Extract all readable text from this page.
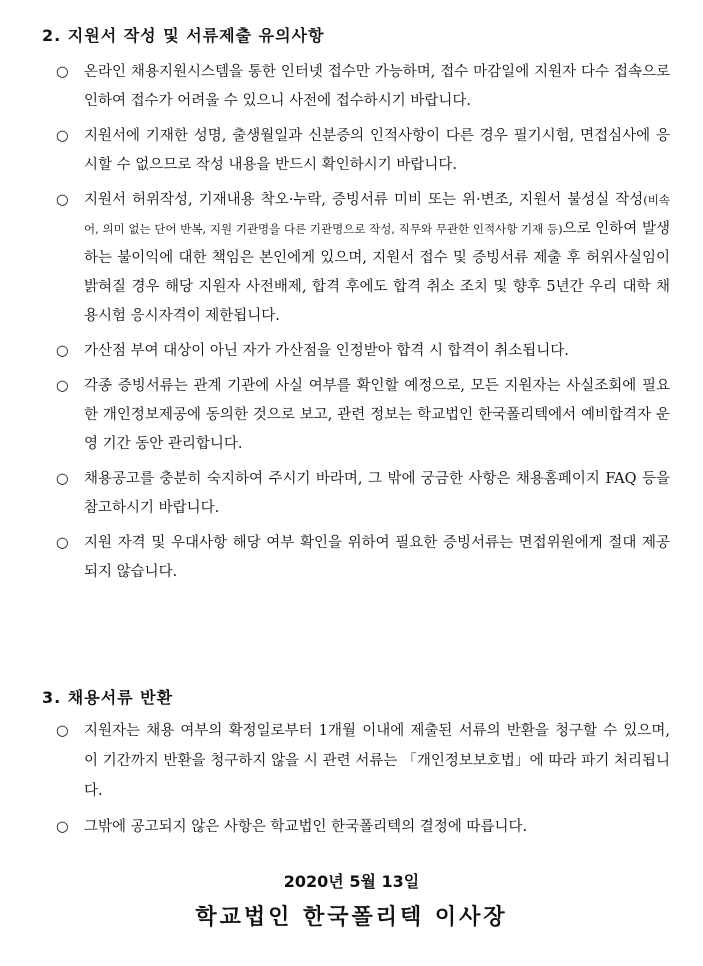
2. 지원서 작성 및 서류제출 유의사항
○	온라인 채용지원시스템을 통한 인터넷 접수만 가능하며, 접수 마감일에 지원자 다수 접속으로 인하여 접수가 어려울 수 있으니 사전에 접수하시기 바랍니다.
○	지원서에 기재한 성명, 출생월일과 신분증의 인적사항이 다른 경우 필기시험, 면접심사에 응시할 수 없으므로 작성 내용을 반드시 확인하시기 바랍니다.
○	지원서 허위작성, 기재내용 착오·누락, 증빙서류 미비 또는 위·변조, 지원서 불성실 작성(비속어, 의미 없는 단어 반복, 지원 기관명을 다른 기관명으로 작성, 직무와 무관한 인적사항 기재 등)으로 인하여 발생하는 불이익에 대한 책임은 본인에게 있으며, 지원서 접수 및 증빙서류 제출 후 허위사실임이 밝혀질 경우 해당 지원자 사전배제, 합격 후에도 합격 취소 조치 및 향후 5년간 우리 대학 채용시험 응시자격이 제한됩니다.
○	가산점 부여 대상이 아닌 자가 가산점을 인정받아 합격 시 합격이 취소됩니다.
○	각종 증빙서류는 관계 기관에 사실 여부를 확인할 예정으로, 모든 지원자는 사실조회에 필요한 개인정보제공에 동의한 것으로 보고, 관련 정보는 학교법인 한국폴리텍에서 예비합격자 운영 기간 동안 관리합니다.
○	채용공고를 충분히 숙지하여 주시기 바라며, 그 밖에 궁금한 사항은 채용홈페이지 FAQ 등을 참고하시기 바랍니다.
○	지원 자격 및 우대사항 해당 여부 확인을 위하여 필요한 증빙서류는 면접위원에게 절대 제공되지 않습니다.
3. 채용서류 반환
○	지원자는 채용 여부의 확정일로부터 1개월 이내에 제출된 서류의 반환을 청구할 수 있으며, 이 기간까지 반환을 청구하지 않을 시 관련 서류는 「개인정보보호법」에 따라 파기 처리됩니다.
○	그밖에 공고되지 않은 사항은 학교법인 한국폴리텍의 결정에 따릅니다.
2020년 5월 13일
학교법인 한국폴리텍 이사장
